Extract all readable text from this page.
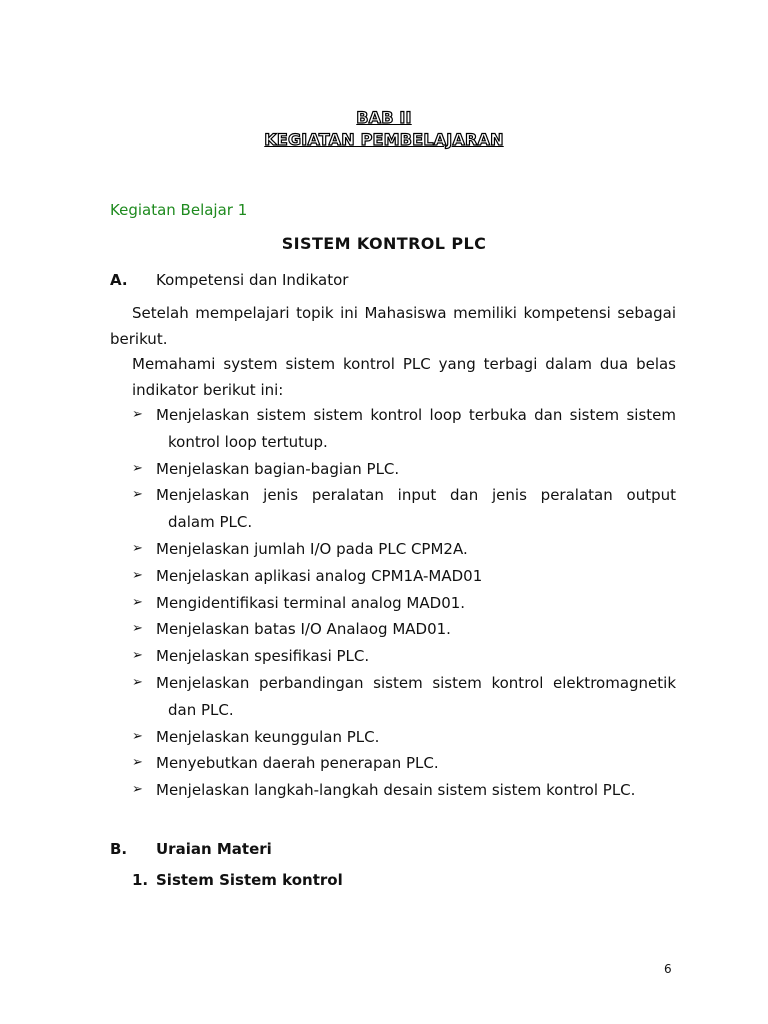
BAB II
KEGIATAN PEMBELAJARAN

Kegiatan Belajar 1

SISTEM KONTROL PLC
A. Kompetensi dan Indikator

Setelah mempelajari topik ini Mahasiswa memiliki kompetensi sebagai berikut.

Memahami system sistem kontrol PLC yang terbagi dalam dua belas indikator berikut ini:

➢ Menjelaskan sistem sistem kontrol loop terbuka dan sistem sistem
kontrol loop tertutup.
➢ Menjelaskan bagian-bagian PLC.
➢ Menjelaskan jenis peralatan input dan jenis peralatan output
dalam PLC.
➢ Menjelaskan jumlah I/O pada PLC CPM2A.
➢ Menjelaskan aplikasi analog CPM1A-MAD01
➢ Mengidentifikasi terminal analog MAD01.
➢ Menjelaskan batas I/O Analaog MAD01.
➢ Menjelaskan spesifikasi PLC.
➢ Menjelaskan perbandingan sistem sistem kontrol elektromagnetik
dan PLC.
➢ Menjelaskan keunggulan PLC.
➢ Menyebutkan daerah penerapan PLC.
➢ Menjelaskan langkah-langkah desain sistem sistem kontrol PLC.
B. Uraian Materi
1. Sistem Sistem kontrol

6
